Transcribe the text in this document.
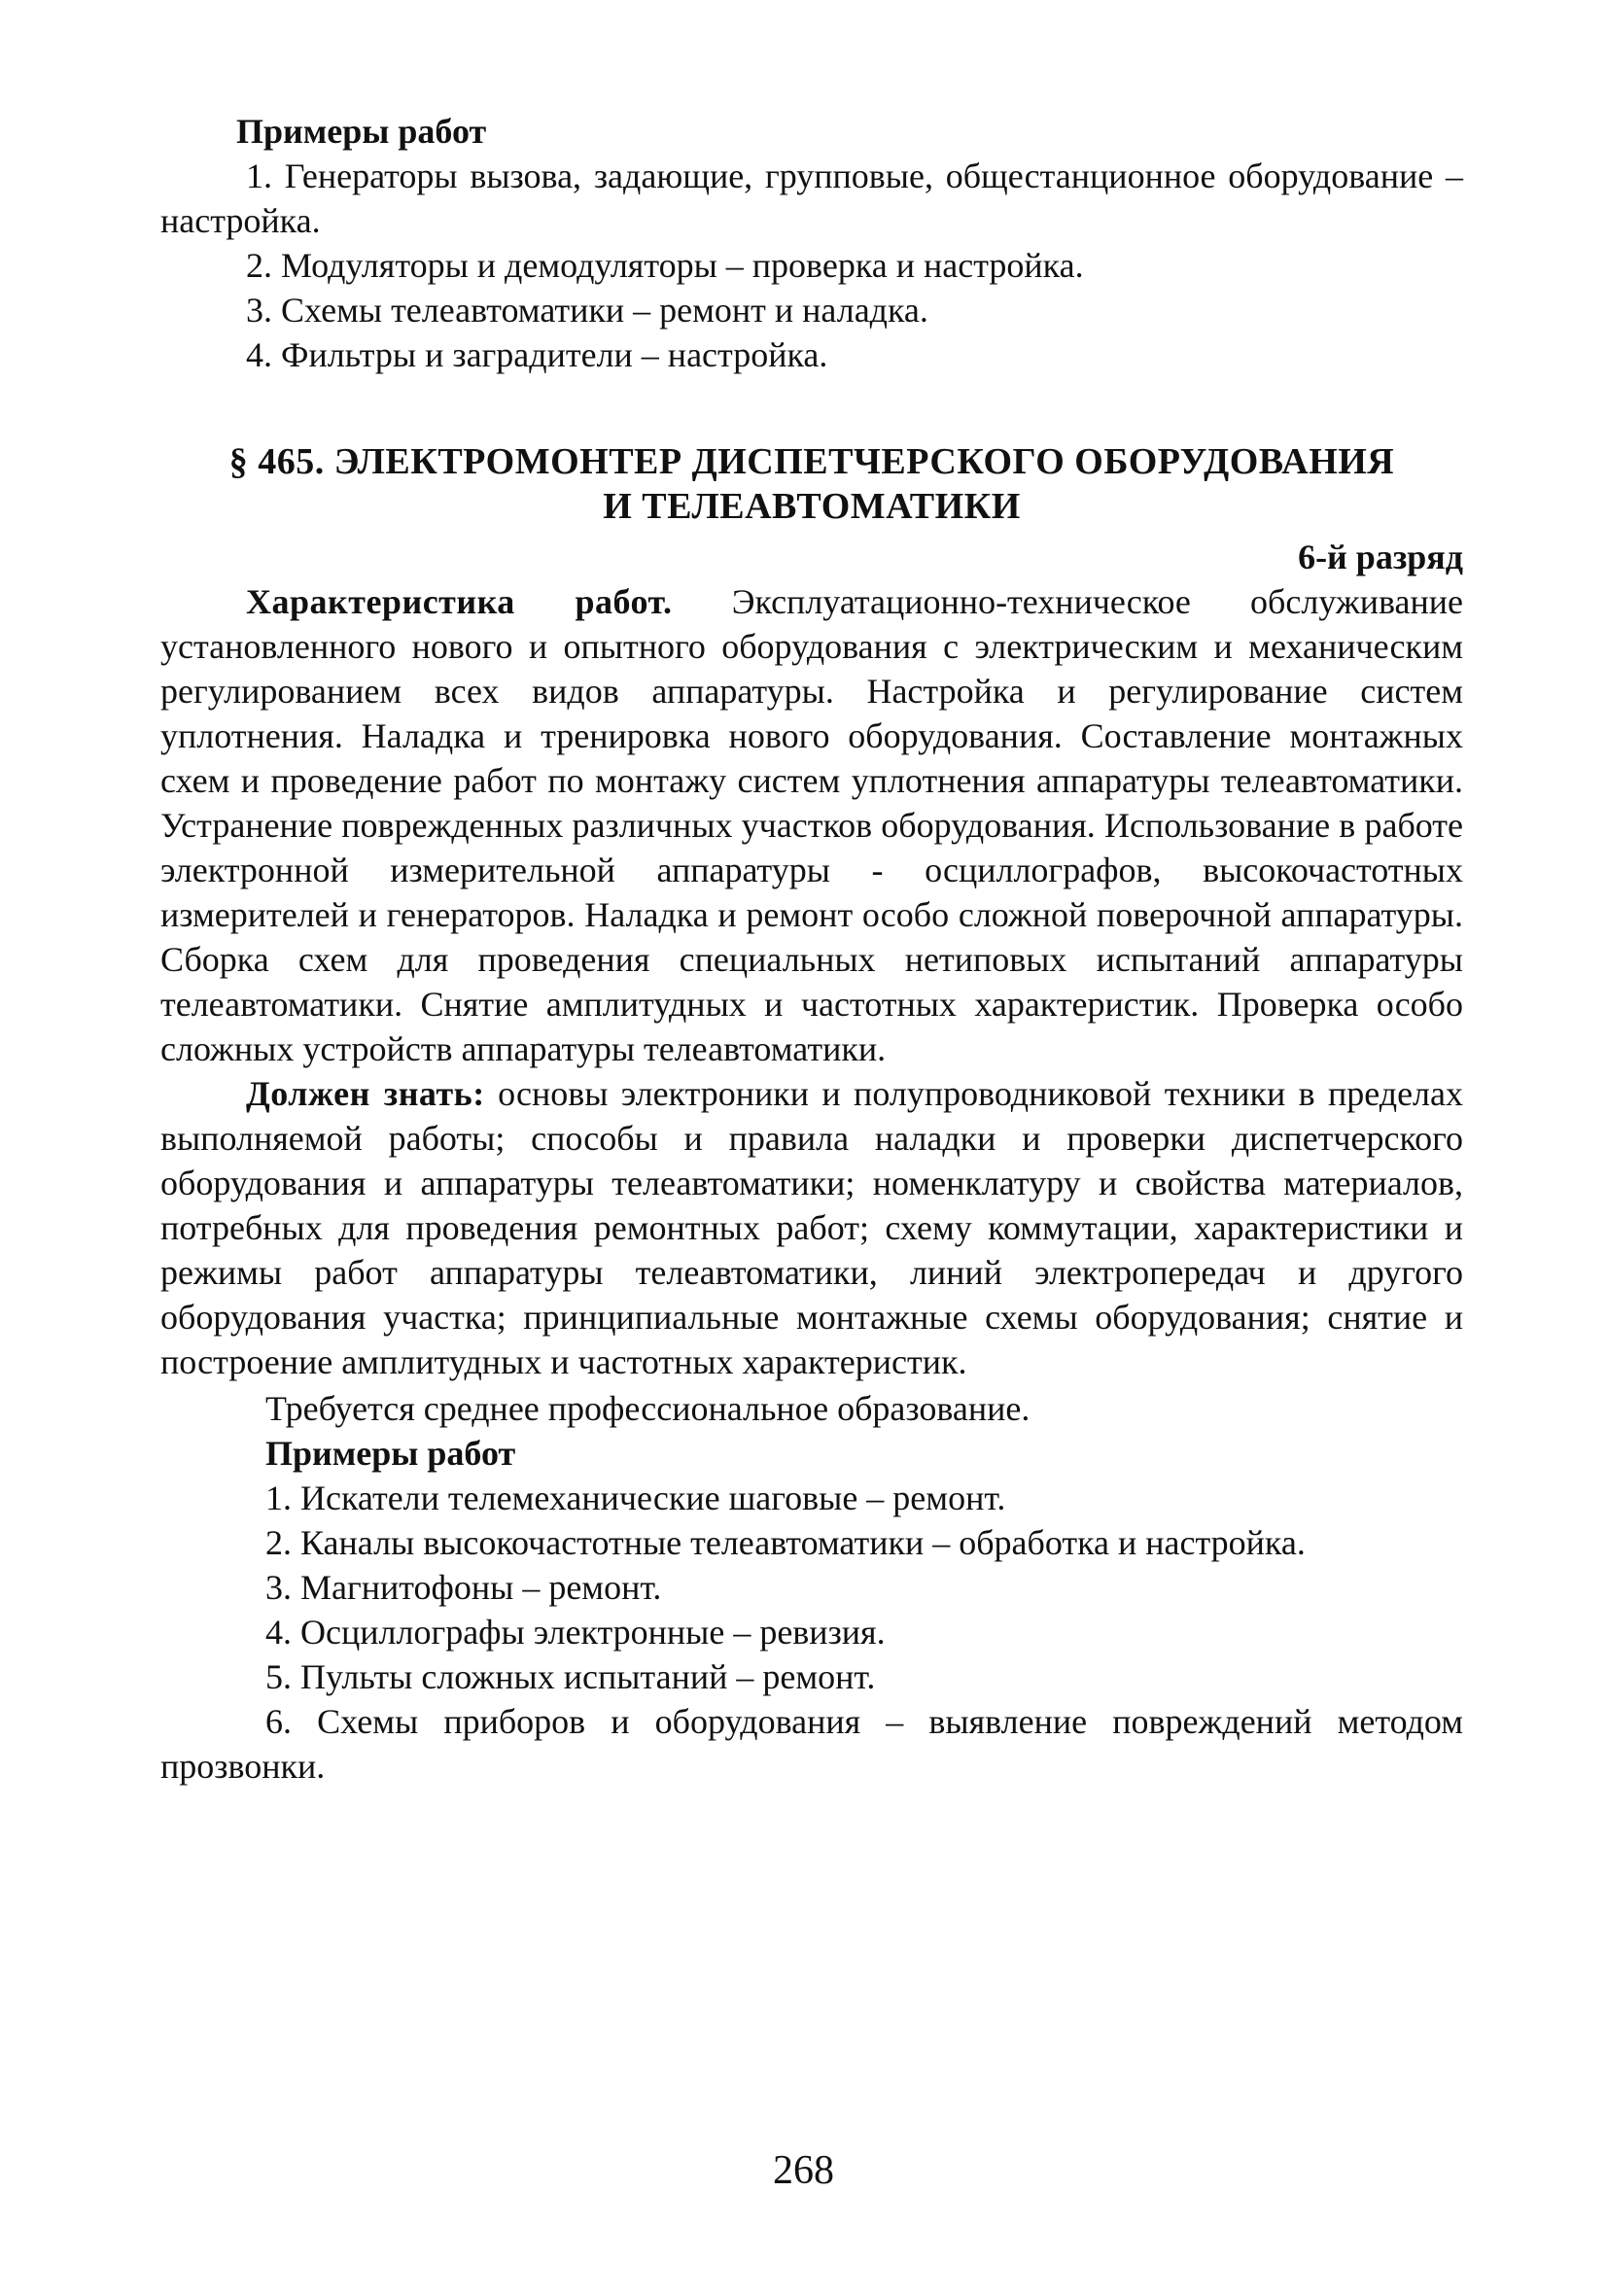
Примеры работ

1. Генераторы вызова, задающие, групповые, общестанционное оборудование – настройка.

2. Модуляторы и демодуляторы – проверка и настройка.

3. Схемы телеавтоматики – ремонт и наладка.

4. Фильтры и заградители – настройка.

§ 465. ЭЛЕКТРОМОНТЕР ДИСПЕТЧЕРСКОГО ОБОРУДОВАНИЯ
И ТЕЛЕАВТОМАТИКИ
6-й разряд

Характеристика работ. Эксплуатационно-техническое обслуживание установленного нового и опытного оборудования с электрическим и механическим регулированием всех видов аппаратуры. Настройка и регулирование систем уплотнения. Наладка и тренировка нового оборудования. Составление монтажных схем и проведение работ по монтажу систем уплотнения аппаратуры телеавтоматики. Устранение поврежденных различных участков оборудования. Использование в работе электронной измерительной аппаратуры - осциллографов, высокочастотных измерителей и генераторов. Наладка и ремонт особо сложной поверочной аппаратуры. Сборка схем для проведения специальных нетиповых испытаний аппаратуры телеавтоматики. Снятие амплитудных и частотных характеристик. Проверка особо сложных устройств аппаратуры телеавтоматики.

Должен знать: основы электроники и полупроводниковой техники в пределах выполняемой работы; способы и правила наладки и проверки диспетчерского оборудования и аппаратуры телеавтоматики; номенклатуру и свойства материалов, потребных для проведения ремонтных работ; схему коммутации, характеристики и режимы работ аппаратуры телеавтоматики, линий электропередач и другого оборудования участка; принципиальные монтажные схемы оборудования; снятие и построение амплитудных и частотных характеристик.

Требуется среднее профессиональное образование.

Примеры работ

1. Искатели телемеханические шаговые – ремонт.

2. Каналы высокочастотные телеавтоматики – обработка и настройка.

3. Магнитофоны – ремонт.

4. Осциллографы электронные – ревизия.

5. Пульты сложных испытаний – ремонт.

6. Схемы приборов и оборудования – выявление повреждений методом прозвонки.

268
